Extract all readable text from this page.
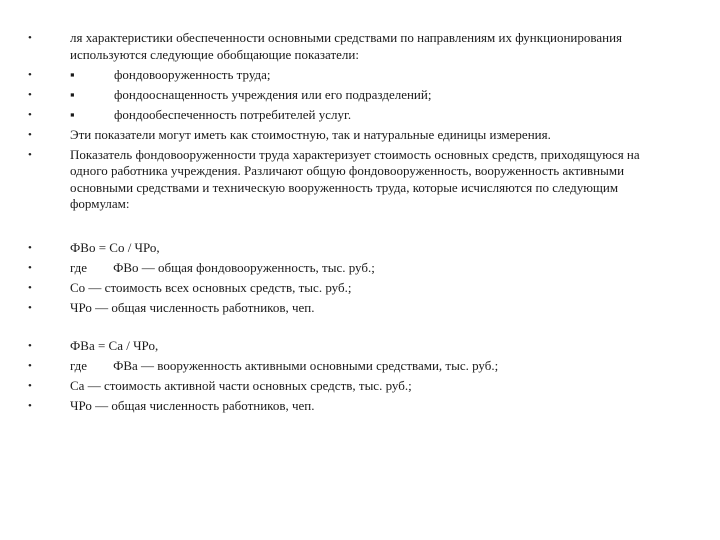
• ля характеристики обеспеченности основными средствами по направлениям их функционирования используются следующие обобщающие показатели:
• ▪	фондовооруженность труда;
• ▪	фондооснащенность учреждения или его подразделений;
• ▪	фондообеспеченность потребителей услуг.
• Эти показатели могут иметь как стоимостную, так и натуральные единицы измерения.
• Показатель фондовооруженности труда характеризует стоимость основных средств, приходящуюся на одного работника учреждения. Различают общую фондовооруженность, вооруженность активными основными средствами и техническую вооруженность труда, которые исчисляются по следующим формулам:
• ФВо = Со / ЧРо,
• где        ФВо — общая фондовооруженность, тыс. руб.;
• Со — стоимость всех основных средств, тыс. руб.;
• ЧРо — общая численность работников, чеп.
• ФВа = Са / ЧРо,
• где        ФВа — вооруженность активными основными средствами, тыс. руб.;
• Са — стоимость активной части основных средств, тыс. руб.;
• ЧРо — общая численность работников, чеп.
